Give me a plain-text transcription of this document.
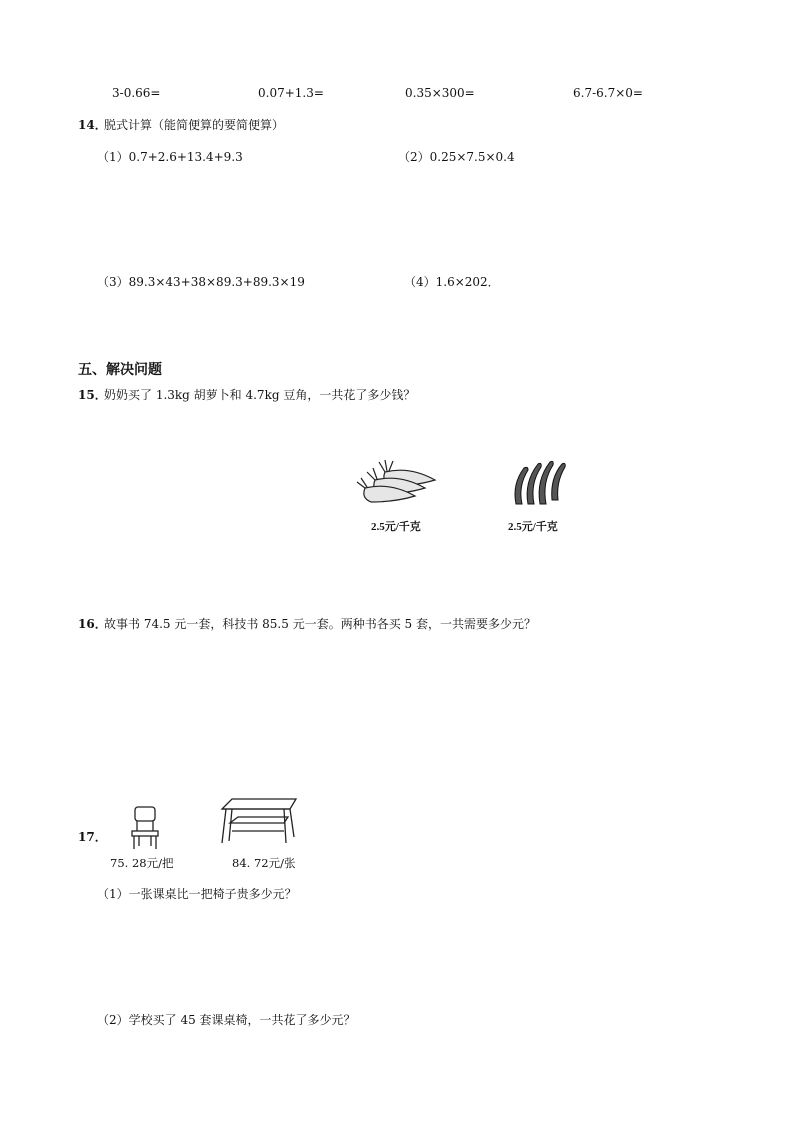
3-0.66=	0.07+1.3=	0.35×300=	6.7-6.7×0=
14．
脱式计算（能简便算的要简便算）
（1）0.7+2.6+13.4+9.3	（2）0.25×7.5×0.4
（3）89.3×43+38×89.3+89.3×19	（4）1.6×202．
五、解决问题
15．
奶奶买了 1.3kg 胡萝卜和 4.7kg 豆角，一共花了多少钱？
2.5元/千克	2.5元/千克
16．
故事书 74.5 元一套，科技书 85.5 元一套。两种书各买 5 套，一共需要多少元？
17．
75. 28元/把	84. 72元/张
（1）一张课桌比一把椅子贵多少元？
（2）学校买了 45 套课桌椅，一共花了多少元？
